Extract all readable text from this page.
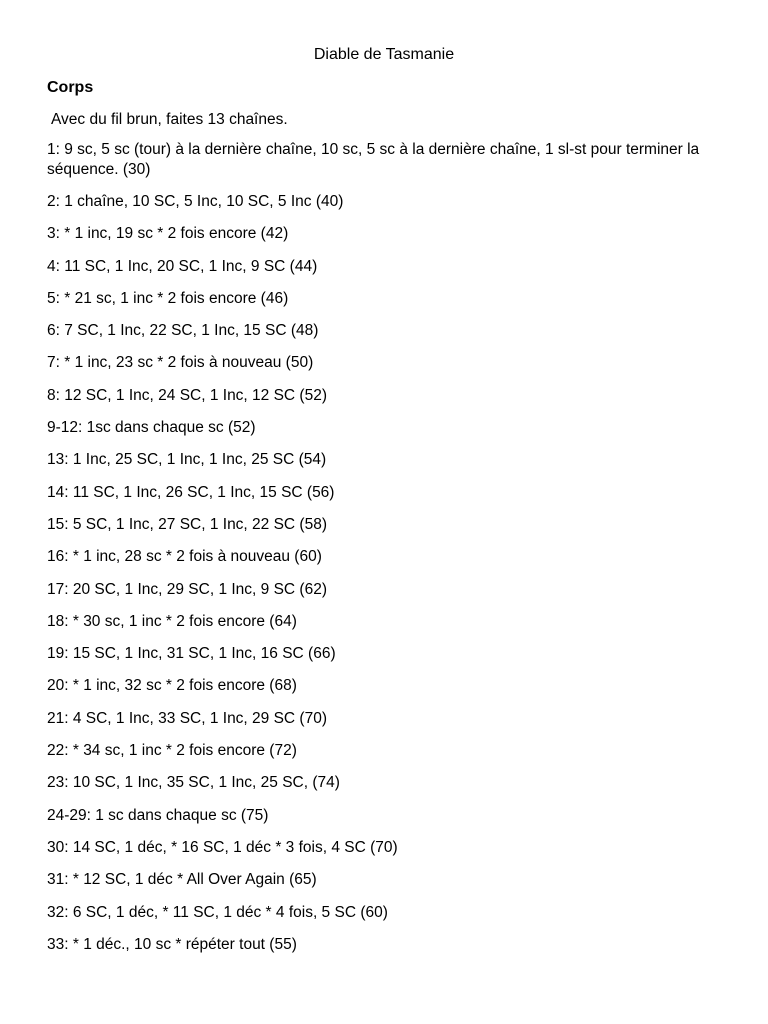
Diable de Tasmanie
Corps

Avec du fil brun, faites 13 chaînes.

1: 9 sc, 5 sc (tour) à la dernière chaîne, 10 sc, 5 sc à la dernière chaîne, 1 sl-st pour terminer la séquence. (30)

2: 1 chaîne, 10 SC, 5 Inc, 10 SC, 5 Inc (40)

3: * 1 inc, 19 sc * 2 fois encore (42)

4: 11 SC, 1 Inc, 20 SC, 1 Inc, 9 SC (44)

5: * 21 sc, 1 inc * 2 fois encore (46)

6: 7 SC, 1 Inc, 22 SC, 1 Inc, 15 SC (48)

7: * 1 inc, 23 sc * 2 fois à nouveau (50)

8: 12 SC, 1 Inc, 24 SC, 1 Inc, 12 SC (52)

9-12: 1sc dans chaque sc (52)

13: 1 Inc, 25 SC, 1 Inc, 1 Inc, 25 SC (54)

14: 11 SC, 1 Inc, 26 SC, 1 Inc, 15 SC (56)

15: 5 SC, 1 Inc, 27 SC, 1 Inc, 22 SC (58)

16: * 1 inc, 28 sc * 2 fois à nouveau (60)

17: 20 SC, 1 Inc, 29 SC, 1 Inc, 9 SC (62)

18: * 30 sc, 1 inc * 2 fois encore (64)

19: 15 SC, 1 Inc, 31 SC, 1 Inc, 16 SC (66)

20: * 1 inc, 32 sc * 2 fois encore (68)

21: 4 SC, 1 Inc, 33 SC, 1 Inc, 29 SC (70)

22: * 34 sc, 1 inc * 2 fois encore (72)

23: 10 SC, 1 Inc, 35 SC, 1 Inc, 25 SC, (74)

24-29: 1 sc dans chaque sc (75)

30: 14 SC, 1 déc, * 16 SC, 1 déc * 3 fois, 4 SC (70)

31: * 12 SC, 1 déc * All Over Again (65)

32: 6 SC, 1 déc, * 11 SC, 1 déc * 4 fois, 5 SC (60)

33: * 1 déc., 10 sc * répéter tout (55)
